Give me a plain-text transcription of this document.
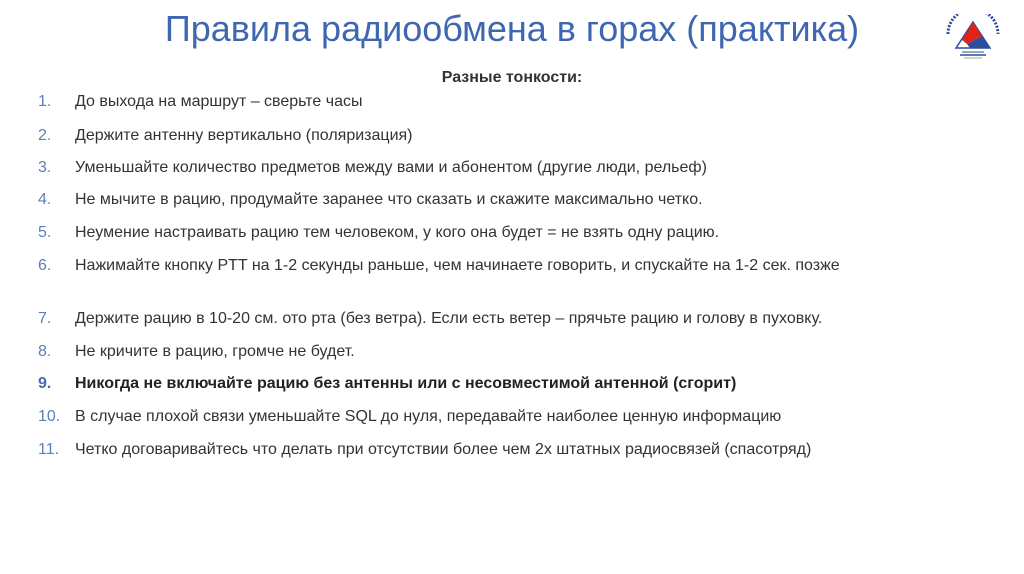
Правила радиообмена в горах (практика)
Разные тонкости:
1.	До выхода на маршрут – сверьте часы
2.	Держите антенну вертикально (поляризация)
3.	Уменьшайте количество предметов между вами и абонентом (другие люди, рельеф)
4.	Не мычите в рацию, продумайте заранее что сказать и скажите максимально четко.
5.	Неумение настраивать рацию тем человеком, у кого она будет = не взять одну рацию.
6.	Нажимайте кнопку PTT на 1-2 секунды раньше, чем начинаете говорить, и спускайте на 1-2 сек. позже
7.	Держите рацию в 10-20 см. ото рта (без ветра). Если есть ветер – прячьте рацию и голову в пуховку.
8.	Не кричите в рацию, громче не будет.
9.	Никогда не включайте рацию без антенны или с несовместимой антенной (сгорит)
10. В случае плохой связи уменьшайте SQL до нуля, передавайте наиболее ценную информацию
11. Четко договаривайтесь что делать при отсутствии более чем 2х штатных радиосвязей (спасотряд)
